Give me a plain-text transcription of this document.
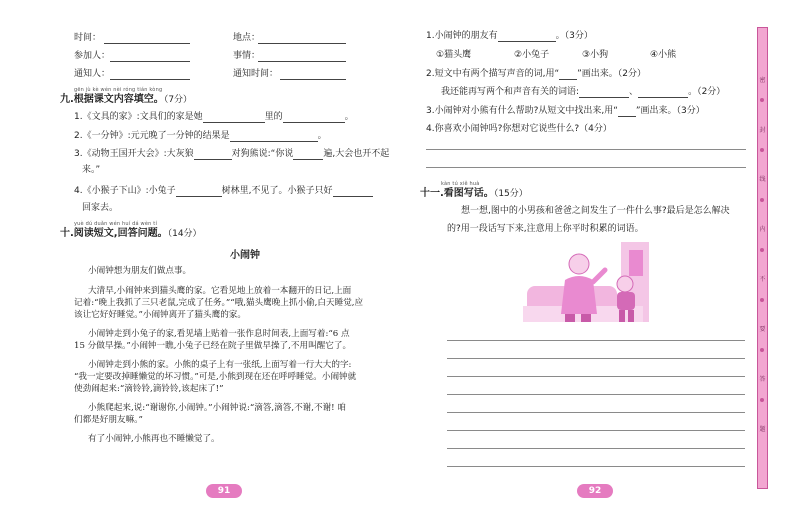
时间：	地点：
参加人：	事情：
通知人：	通知时间：
gēn jù kè wén nèi róng tián kòng
九.根据课文内容填空。（7分）
1.《文具的家》:文具们的家是她	里的	。
2.《一分钟》:元元晚了一分钟的结果是	。
3.《动物王国开大会》:大灰狼	对狗熊说:“你说	遍,大会也开不起
来。”
4.《小猴子下山》:小兔子	树林里,不见了。小猴子只好
回家去。
yuè dú duǎn wén huí dá wèn tí
十.阅读短文,回答问题。（14分）
小闹钟
小闹钟想为朋友们做点事。
大清早,小闹钟来到猫头鹰的家。它看见地上放着一本翻开的日记,上面
记着:“晚上我抓了三只老鼠,完成了任务。”“哦,猫头鹰晚上抓小偷,白天睡觉,应
该让它好好睡觉。”小闹钟离开了猫头鹰的家。
小闹钟走到小兔子的家,看见墙上贴着一张作息时间表,上面写着:“6 点
15 分做早操。”小闹钟一瞧,小兔子已经在院子里做早操了,不用叫醒它了。
小闹钟走到小熊的家。小熊的桌子上有一张纸,上面写着一行大大的字:
“我一定要改掉睡懒觉的坏习惯。”可是,小熊到现在还在呼呼睡觉。小闹钟就
使劲闹起来:“滴铃铃,滴铃铃,该起床了!”
小熊爬起来,说:“谢谢你,小闹钟。”小闹钟说:“滴答,滴答,不谢,不谢! 咱
们都是好朋友嘛。”
有了小闹钟,小熊再也不睡懒觉了。
91
1.小闹钟的朋友有	。（3分）
①猫头鹰	②小兔子	③小狗	④小熊
2.短文中有两个描写声音的词,用“ ”画出来。（2分）
我还能再写两个和声音有关的词语:	、	。（2分）
3.小闹钟对小熊有什么帮助?从短文中找出来,用“ ”画出来。（3分）
4.你喜欢小闹钟吗?你想对它说些什么?（4分）
kàn tú xiě huà
十一.看图写话。（15分）
想一想,图中的小男孩和爸爸之间发生了一件什么事?最后是怎么解决
的?用一段话写下来,注意用上你平时积累的词语。
92
密
封
线
内
不
要
答
题
